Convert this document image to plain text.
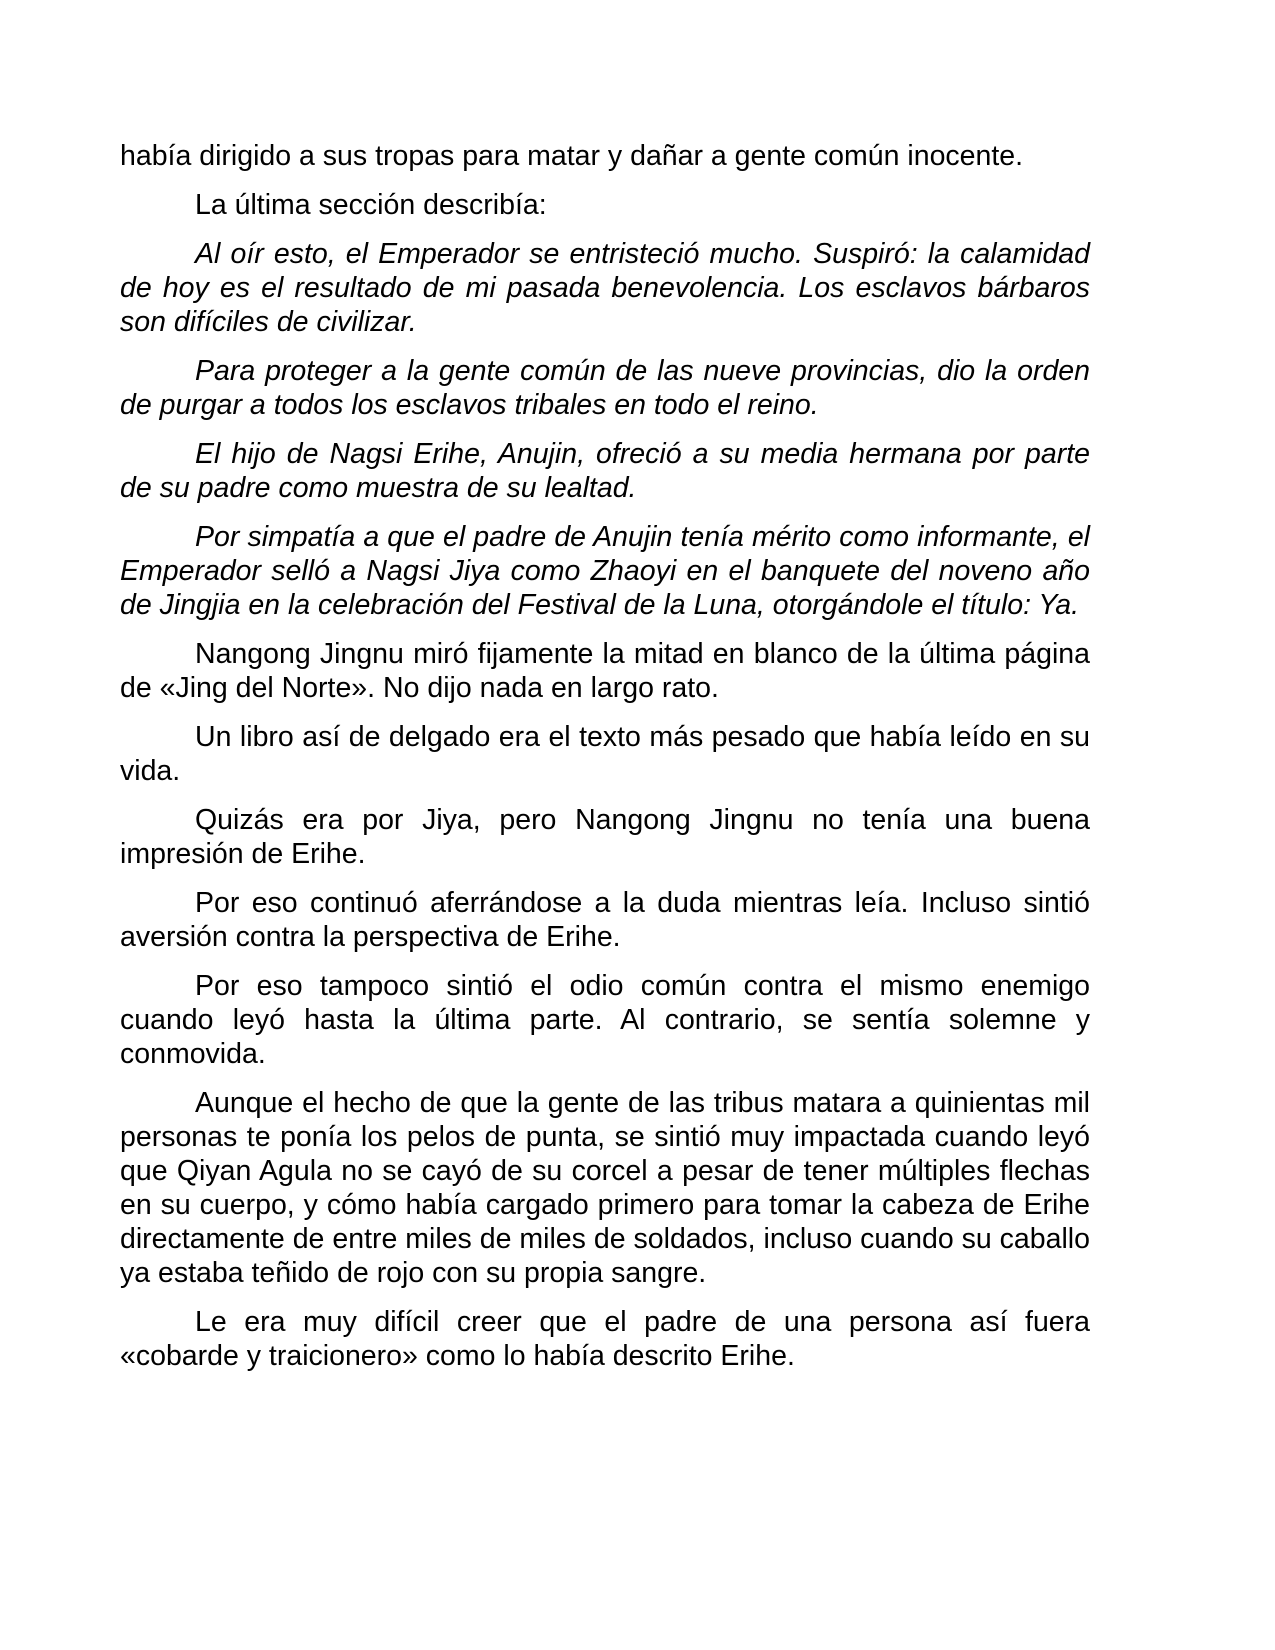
había dirigido a sus tropas para matar y dañar a gente común inocente.

La última sección describía:

Al oír esto, el Emperador se entristeció mucho. Suspiró: la calamidad de hoy es el resultado de mi pasada benevolencia. Los esclavos bárbaros son difíciles de civilizar.

Para proteger a la gente común de las nueve provincias, dio la orden de purgar a todos los esclavos tribales en todo el reino.

El hijo de Nagsi Erihe, Anujin, ofreció a su media hermana por parte de su padre como muestra de su lealtad.

Por simpatía a que el padre de Anujin tenía mérito como informante, el Emperador selló a Nagsi Jiya como Zhaoyi en el banquete del noveno año de Jingjia en la celebración del Festival de la Luna, otorgándole el título: Ya.

Nangong Jingnu miró fijamente la mitad en blanco de la última página de «Jing del Norte». No dijo nada en largo rato.

Un libro así de delgado era el texto más pesado que había leído en su vida.

Quizás era por Jiya, pero Nangong Jingnu no tenía una buena impresión de Erihe.

Por eso continuó aferrándose a la duda mientras leía. Incluso sintió aversión contra la perspectiva de Erihe.

Por eso tampoco sintió el odio común contra el mismo enemigo cuando leyó hasta la última parte. Al contrario, se sentía solemne y conmovida.

Aunque el hecho de que la gente de las tribus matara a quinientas mil personas te ponía los pelos de punta, se sintió muy impactada cuando leyó que Qiyan Agula no se cayó de su corcel a pesar de tener múltiples flechas en su cuerpo, y cómo había cargado primero para tomar la cabeza de Erihe directamente de entre miles de miles de soldados, incluso cuando su caballo ya estaba teñido de rojo con su propia sangre.

Le era muy difícil creer que el padre de una persona así fuera «cobarde y traicionero» como lo había descrito Erihe.
